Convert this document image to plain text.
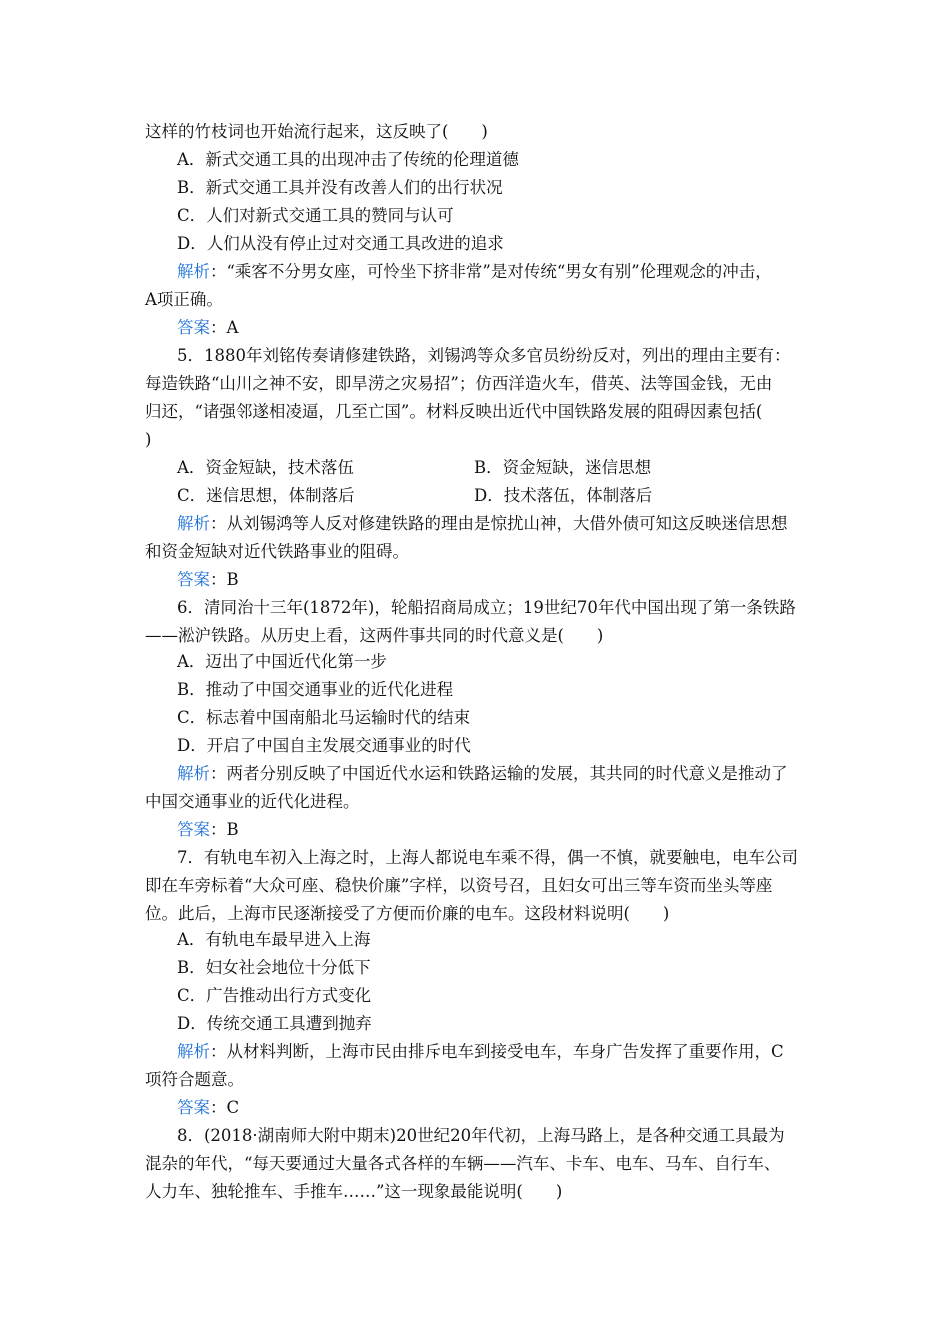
这样的竹枝词也开始流行起来，这反映了(　　)
A．新式交通工具的出现冲击了传统的伦理道德
B．新式交通工具并没有改善人们的出行状况
C．人们对新式交通工具的赞同与认可
D．人们从没有停止过对交通工具改进的追求
解析：“乘客不分男女座，可怜坐下挤非常”是对传统“男女有别”伦理观念的冲击，
A项正确。
答案：A
5．1880年刘铭传奏请修建铁路，刘锡鸿等众多官员纷纷反对，列出的理由主要有：
每造铁路“山川之神不安，即旱涝之灾易招”；仿西洋造火车，借英、法等国金钱，无由
归还，“诸强邻遂相凌逼，几至亡国”。材料反映出近代中国铁路发展的阻碍因素包括(
)
A．资金短缺，技术落伍	B．资金短缺，迷信思想
C．迷信思想，体制落后	D．技术落伍，体制落后
解析：从刘锡鸿等人反对修建铁路的理由是惊扰山神，大借外债可知这反映迷信思想
和资金短缺对近代铁路事业的阻碍。
答案：B
6．清同治十三年(1872年)，轮船招商局成立；19世纪70年代中国出现了第一条铁路
——淞沪铁路。从历史上看，这两件事共同的时代意义是(　　)
A．迈出了中国近代化第一步
B．推动了中国交通事业的近代化进程
C．标志着中国南船北马运输时代的结束
D．开启了中国自主发展交通事业的时代
解析：两者分别反映了中国近代水运和铁路运输的发展，其共同的时代意义是推动了
中国交通事业的近代化进程。
答案：B
7．有轨电车初入上海之时，上海人都说电车乘不得，偶一不慎，就要触电，电车公司
即在车旁标着“大众可座、稳快价廉”字样，以资号召，且妇女可出三等车资而坐头等座
位。此后，上海市民逐渐接受了方便而价廉的电车。这段材料说明(　　)
A．有轨电车最早进入上海
B．妇女社会地位十分低下
C．广告推动出行方式变化
D．传统交通工具遭到抛弃
解析：从材料判断，上海市民由排斥电车到接受电车，车身广告发挥了重要作用，C
项符合题意。
答案：C
8．(2018·湖南师大附中期末)20世纪20年代初，上海马路上，是各种交通工具最为
混杂的年代，“每天要通过大量各式各样的车辆——汽车、卡车、电车、马车、自行车、
人力车、独轮推车、手推车……”这一现象最能说明(　　)
